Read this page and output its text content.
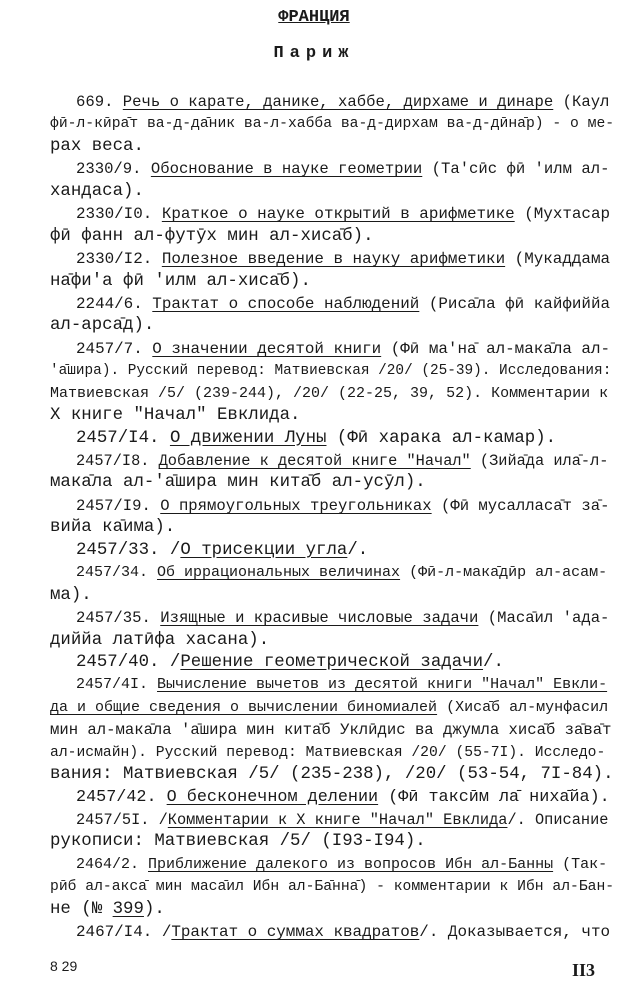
ФРАНЦИЯ
Париж
669. Речь о карате, данике, хаббе, дирхаме и динаре (Каул
фӣ-л-кӣра̄т ва-д-да̄ник ва-л-хабба ва-д-дирхам ва-д-дӣна̄р) - о ме-
рах веса.
2330/9. Обоснование в науке геометрии (Та'сӣс фӣ 'илм ал-
хандаса).
2330/I0. Краткое о науке открытий в арифметике (Мухтасар
фӣ фанн ал-футӯх мин ал-хиса̄б).
2330/I2. Полезное введение в науку арифметики (Мукаддама
на̄фи'а фӣ 'илм ал-хиса̄б).
2244/6. Трактат о способе наблюдений (Риса̄ла фӣ кайфиййа
ал-арса̄д).
2457/7. О значении десятой книги (Фӣ ма'на̄ ал-мака̄ла ал-
'а̄шира). Русский перевод: Матвиевская /20/ (25-39). Исследования:
Матвиевская /5/ (239-244), /20/ (22-25, 39, 52). Комментарии к
X книге "Начал" Евклида.
2457/I4. О движении Луны (Фӣ харака ал-камар).
2457/I8. Добавление к десятой книге "Начал" (Зийа̄да ила̄-л-
мака̄ла ал-'а̄шира мин кита̄б ал-усӯл).
2457/I9. О прямоугольных треугольниках (Фӣ мусалласа̄т за̄-
вийа ка̄има).
2457/33. /О трисекции угла/.
2457/34. Об иррациональных величинах (Фӣ-л-мака̄дӣр ал-асам-
ма).
2457/35. Изящные и красивые числовые задачи (Маса̄ил 'ада-
диййа латӣфа хасана).
2457/40. /Решение геометрической задачи/.
2457/4I. Вычисление вычетов из десятой книги "Начал" Евкли-
да и общие сведения о вычислении биномиалей (Хиса̄б ал-мунфасил
мин ал-мака̄ла 'а̄шира мин кита̄б Уклӣдис ва джумла хиса̄б за̄ва̄т
ал-исмайн). Русский перевод: Матвиевская /20/ (55-7I). Исследо-
вания: Матвиевская /5/ (235-238), /20/ (53-54, 7I-84).
2457/42. О бесконечном делении (Фӣ таксӣм ла̄ ниха̄йа).
2457/5I. /Комментарии к X книге "Начал" Евклида/. Описание
рукописи: Матвиевская /5/ (I93-I94).
2464/2. Приближение далекого из вопросов Ибн ал-Банны (Так-
рӣб ал-акса̄ мин маса̄ил Ибн ал-Ба̄нна̄) - комментарии к Ибн ал-Бан-
не (№ 399).
2467/I4. /Трактат о суммах квадратов/. Доказывается, что
8 29	II3
